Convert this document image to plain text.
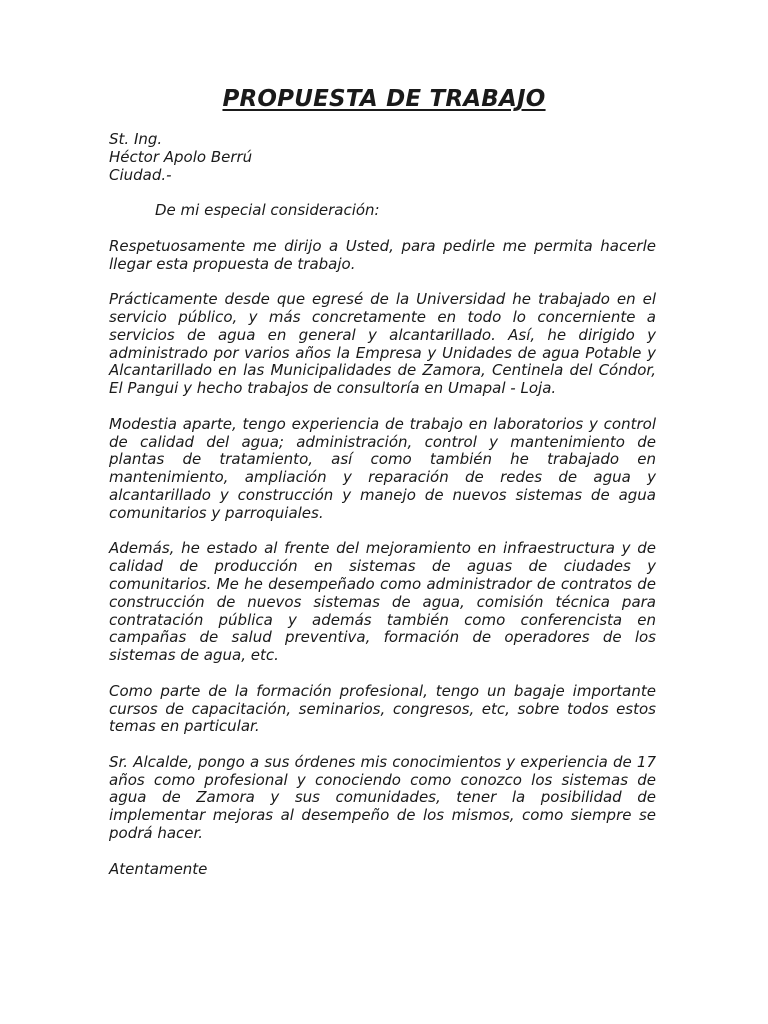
PROPUESTA DE TRABAJO

St. Ing.

Héctor Apolo Berrú

Ciudad.-

De mi especial consideración:

Respetuosamente me dirijo a Usted, para pedirle me permita hacerle llegar esta propuesta de trabajo.

Prácticamente desde que egresé de la Universidad he trabajado en el servicio público, y más concretamente en todo lo concerniente a servicios de agua en general y alcantarillado. Así, he dirigido y administrado por varios años la Empresa y Unidades de agua Potable y Alcantarillado en las Municipalidades de Zamora, Centinela del Cóndor, El Pangui y hecho trabajos de consultoría en Umapal - Loja.

Modestia aparte, tengo experiencia de trabajo en laboratorios y control de calidad del agua; administración, control y mantenimiento de plantas de tratamiento, así como también he trabajado en mantenimiento, ampliación y reparación de redes de agua y alcantarillado y construcción y manejo de nuevos sistemas de agua comunitarios y parroquiales.

Además, he estado al frente del mejoramiento en infraestructura y de calidad de producción en sistemas de aguas de ciudades y comunitarios. Me he desempeñado como administrador de contratos de construcción de nuevos sistemas de agua, comisión técnica para contratación pública y además también como conferencista en campañas de salud preventiva, formación de operadores de los sistemas de agua, etc.

Como parte de la formación profesional, tengo un bagaje importante cursos de capacitación, seminarios, congresos, etc, sobre todos estos temas en particular.

Sr. Alcalde, pongo a sus órdenes mis conocimientos y experiencia de 17 años como profesional y conociendo como conozco los sistemas de agua de Zamora y sus comunidades, tener la posibilidad de implementar mejoras al desempeño de los mismos, como siempre se podrá hacer.

Atentamente
